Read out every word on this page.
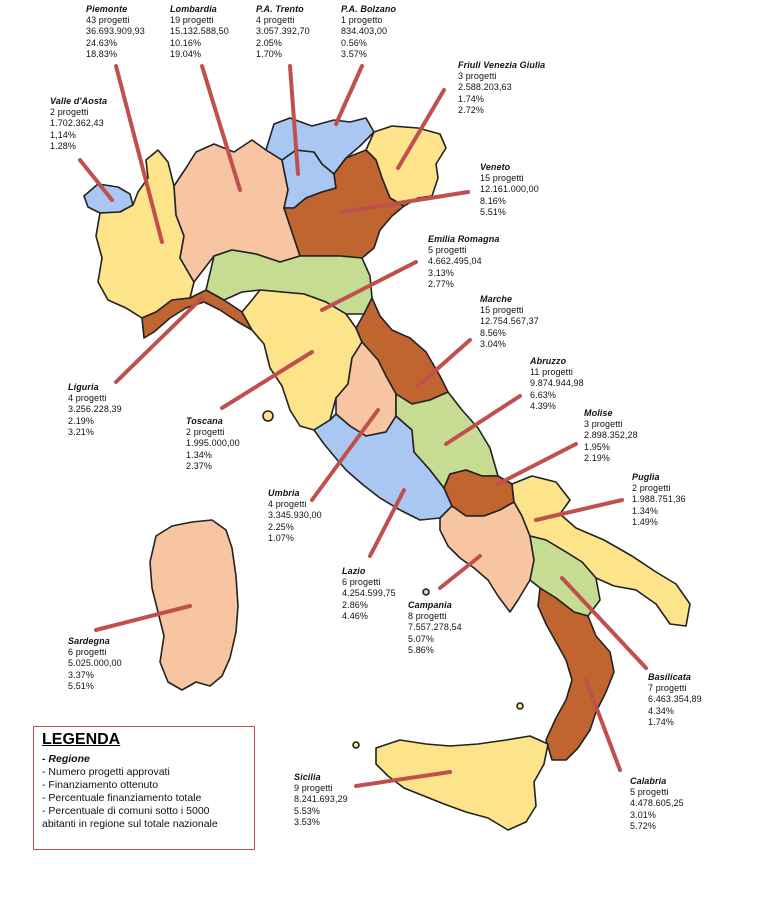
Piemonte
43 progetti
36.693.909,93
24.63%
18.83%
Lombardia
19 progetti
15.132.588,50
10.16%
19.04%
P.A. Trento
4 progetti
3.057.392,70
2.05%
1.70%
P.A. Bolzano
1 progetto
834.403,00
0.56%
3.57%
Friuli Venezia Giulia
3 progetti
2.588.203,63
1.74%
2.72%
Valle d'Aosta
2 progetti
1.702.362,43
1,14%
1.28%
Veneto
15 progetti
12.161.000,00
8.16%
5.51%
Emilia Romagna
5 progetti
4.662.495,04
3.13%
2.77%
Marche
15 progetti
12.754.567,37
8.56%
3.04%
Abruzzo
11 progetti
9.874.944,98
6.63%
4.39%
Liguria
4 progetti
3.256.228,39
2.19%
3.21%
Toscana
2 progetti
1.995.000,00
1.34%
2.37%
Molise
3 progetti
2.898.352,28
1.95%
2.19%
Umbria
4 progetti
3.345.930,00
2.25%
1.07%
Puglia
2 progetti
1.988.751,36
1.34%
1.49%
Lazio
6 progetti
4.254.599,75
2.86%
4.46%
Campania
8 progetti
7.557.278,54
5.07%
5.86%
Sardegna
6 progetti
5.025.000,00
3.37%
5.51%
Basilicata
7 progetti
6.463.354,89
4.34%
1.74%
Calabria
5 progetti
4.478.605,25
3.01%
5.72%
Sicilia
9 progetti
8.241.693,29
5.53%
3.53%
LEGENDA
- Regione
- Numero progetti approvati
- Finanziamento ottenuto
- Percentuale finanziamento totale
- Percentuale di comuni sotto i 5000
abitanti in regione sul totale nazionale
